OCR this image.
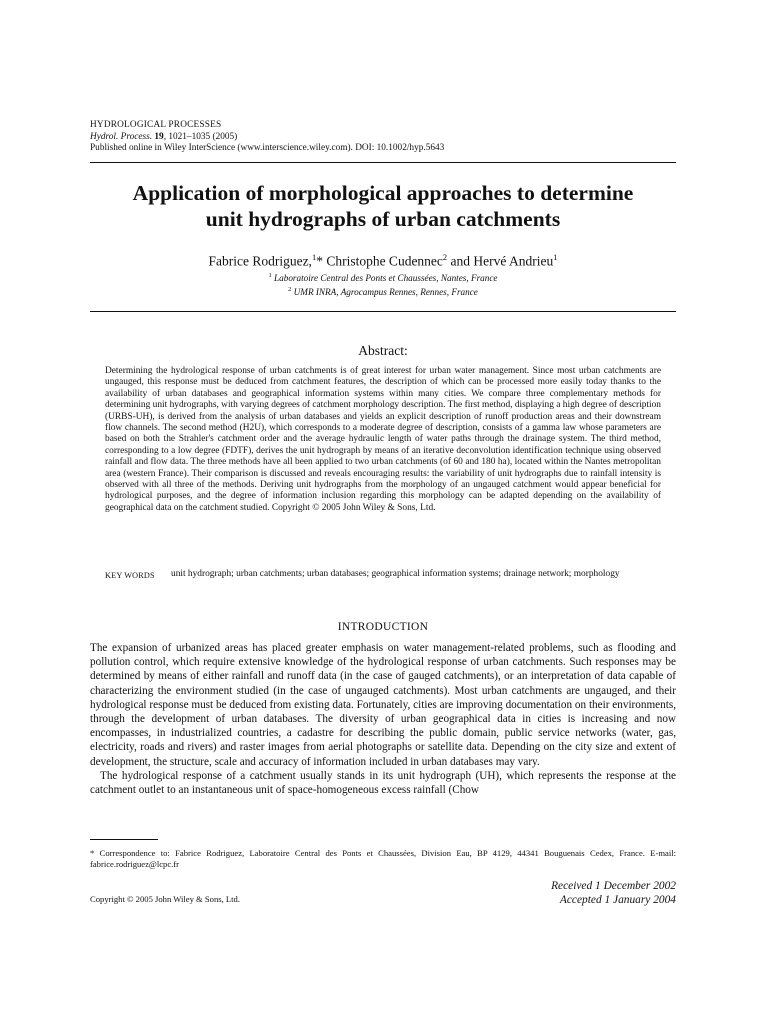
HYDROLOGICAL PROCESSES
Hydrol. Process. 19, 1021–1035 (2005)
Published online in Wiley InterScience (www.interscience.wiley.com). DOI: 10.1002/hyp.5643
Application of morphological approaches to determine
unit hydrographs of urban catchments
Fabrice Rodriguez,$^1$* Christophe Cudennec$^2$ and Hervé Andrieu$^1$
$^1$ Laboratoire Central des Ponts et Chaussées, Nantes, France
$^2$ UMR INRA, Agrocampus Rennes, Rennes, France
Abstract:
Determining the hydrological response of urban catchments is of great interest for urban water management. Since most urban catchments are ungauged, this response must be deduced from catchment features, the description of which can be processed more easily today thanks to the availability of urban databases and geographical information systems within many cities. We compare three complementary methods for determining unit hydrographs, with varying degrees of catchment morphology description. The first method, displaying a high degree of description (URBS-UH), is derived from the analysis of urban databases and yields an explicit description of runoff production areas and their downstream flow channels. The second method (H2U), which corresponds to a moderate degree of description, consists of a gamma law whose parameters are based on both the Strahler's catchment order and the average hydraulic length of water paths through the drainage system. The third method, corresponding to a low degree (FDTF), derives the unit hydrograph by means of an iterative deconvolution identification technique using observed rainfall and flow data. The three methods have all been applied to two urban catchments (of 60 and 180 ha), located within the Nantes metropolitan area (western France). Their comparison is discussed and reveals encouraging results: the variability of unit hydrographs due to rainfall intensity is observed with all three of the methods. Deriving unit hydrographs from the morphology of an ungauged catchment would appear beneficial for hydrological purposes, and the degree of information inclusion regarding this morphology can be adapted depending on the availability of geographical data on the catchment studied. Copyright © 2005 John Wiley & Sons, Ltd.
KEY WORDS	unit hydrograph; urban catchments; urban databases; geographical information systems; drainage network; morphology
INTRODUCTION

The expansion of urbanized areas has placed greater emphasis on water management-related problems, such as flooding and pollution control, which require extensive knowledge of the hydrological response of urban catchments. Such responses may be determined by means of either rainfall and runoff data (in the case of gauged catchments), or an interpretation of data capable of characterizing the environment studied (in the case of ungauged catchments). Most urban catchments are ungauged, and their hydrological response must be deduced from existing data. Fortunately, cities are improving documentation on their environments, through the development of urban databases. The diversity of urban geographical data in cities is increasing and now encompasses, in industrialized countries, a cadastre for describing the public domain, public service networks (water, gas, electricity, roads and rivers) and raster images from aerial photographs or satellite data. Depending on the city size and extent of development, the structure, scale and accuracy of information included in urban databases may vary.

The hydrological response of a catchment usually stands in its unit hydrograph (UH), which represents the response at the catchment outlet to an instantaneous unit of space-homogeneous excess rainfall (Chow

* Correspondence to: Fabrice Rodriguez, Laboratoire Central des Ponts et Chaussées, Division Eau, BP 4129, 44341 Bouguenais Cedex, France. E-mail: fabrice.rodriguez@lcpc.fr
Received 1 December 2002
Accepted 1 January 2004
Copyright © 2005 John Wiley & Sons, Ltd.
